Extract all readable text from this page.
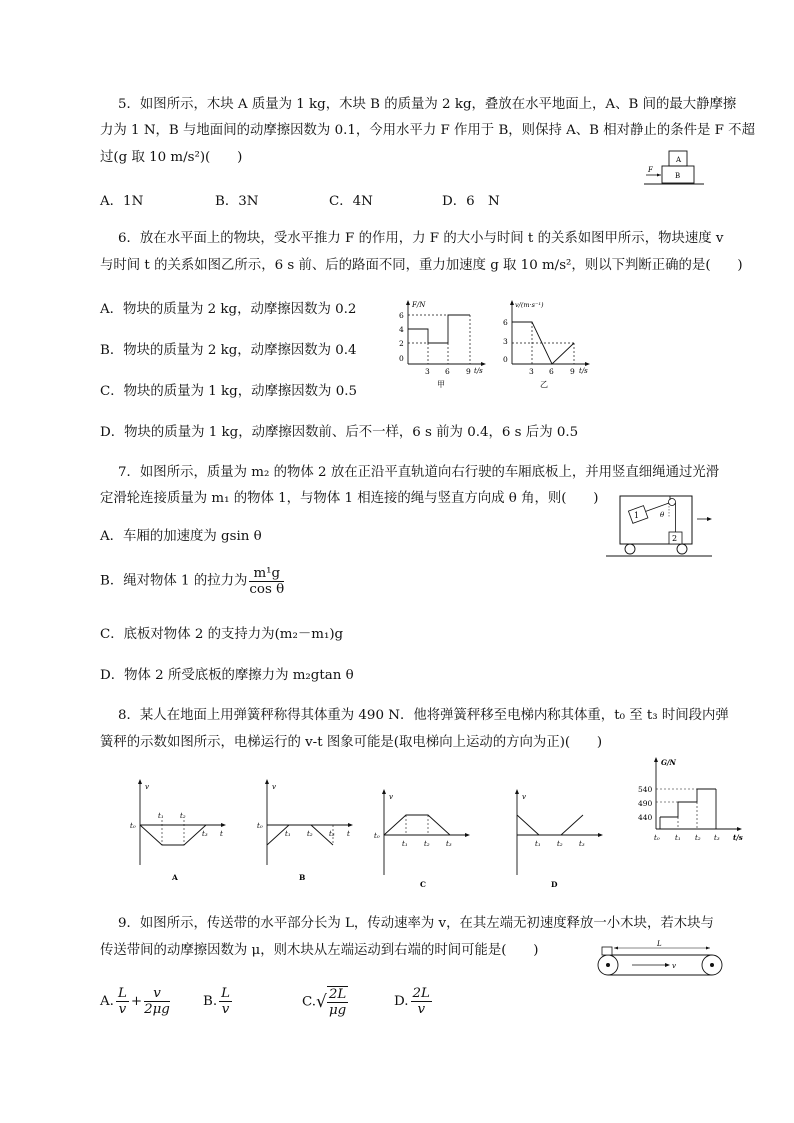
5．如图所示，木块 A 质量为 1 kg，木块 B 的质量为 2 kg，叠放在水平地面上，A、B 间的最大静摩擦
力为 1 N，B 与地面间的动摩擦因数为 0.1，今用水平力 F 作用于 B，则保持 A、B 相对静止的条件是 F 不超
过(g 取 10 m/s²)(　　)	A
B
F
A．1N	B．3N	C．4N	D．6　N
6．放在水平面上的物块，受水平推力 F 的作用，力 F 的大小与时间 t 的关系如图甲所示，物块速度 v
与时间 t 的关系如图乙所示，6 s 前、后的路面不同，重力加速度 g 取 10 m/s²，则以下判断正确的是(　　)
A．物块的质量为 2 kg，动摩擦因数为 0.2
B．物块的质量为 2 kg，动摩擦因数为 0.4
C．物块的质量为 1 kg，动摩擦因数为 0.5
D．物块的质量为 1 kg，动摩擦因数前、后不一样，6 s 前为 0.4，6 s 后为 0.5
F/N
t/s
6
4
2
0
3 6 9
甲
v/(m·s⁻¹)
t/s
6
3
0
3 6 9
乙
7．如图所示，质量为 m₂ 的物体 2 放在正沿平直轨道向右行驶的车厢底板上，并用竖直细绳通过光滑
定滑轮连接质量为 m₁ 的物体 1，与物体 1 相连接的绳与竖直方向成 θ 角，则(　　)
1	θ
2
A．车厢的加速度为 gsin θ
B．绳对物体 1 的拉力为 $\frac{\text{m¹g}}{\text{cos θ}}$
C．底板对物体 2 的支持力为(m₂－m₁)g
D．物体 2 所受底板的摩擦力为 m₂gtan θ
8．某人在地面上用弹簧秤称得其体重为 490 N．他将弹簧秤移至电梯内称其体重，t₀ 至 t₃ 时间段内弹
簧秤的示数如图所示，电梯运行的 v-t 图象可能是(取电梯向上运动的方向为正)(　　)
v
t
t₀
t₁ t₂
t₃
A
v
t
t₀
t₁ t₂ t₃
B
v
t₀
t₁ t₂ t₃
C
v
t₁ t₂ t₃
D
G/N
t/s
540
490
440
t₀ t₁ t₂ t₃
9．如图所示，传送带的水平部分长为 L，传动速率为 v，在其左端无初速度释放一小木块，若木块与
传送带间的动摩擦因数为 μ，则木块从左端运动到右端的时间可能是(　　)	L
v
A. $\frac{L}{v} + \frac{v}{2\mu g} B$. $\frac{L}{v}$	$C.√ \frac{2L}{\mu g}$	D. $\frac{2L}{v}$
